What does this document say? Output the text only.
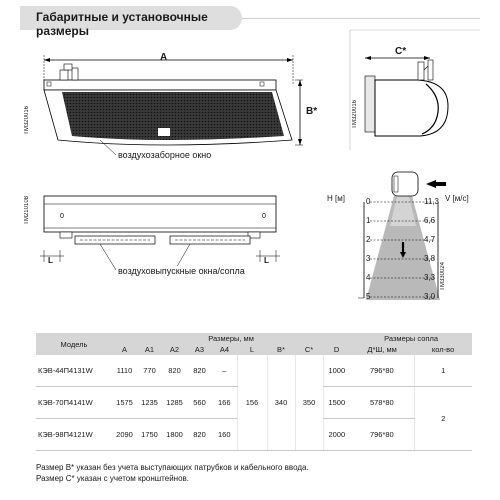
Габаритные и установочные размеры
0	0
A
B*
C*
TM320016	TM320016
воздухозаборное окно
TM210108
L	L
воздуховыпускные окна/сопла
H [м]	V [м/с]
TM330024
0
1
2
3
4
5
11,3
6,6
4,7
3,8
3,3
3,0
Модель	Размеры, мм									Размеры сопла	
	A	A1	A2	A3	A4	L	B*	C*	D	Д*Ш, мм	кол-во
КЭВ-44П4131W	1110	770	820	820	–	156	340	350	1000	796*80	1
КЭВ-70П4141W	1575	1235	1285	560	166				1500	578*80	2
КЭВ-98П4121W	2090	1750	1800	820	160				2000	796*80	
Размер B* указан без учета выступающих патрубков и кабельного ввода.
Размер C* указан с учетом кронштейнов.
